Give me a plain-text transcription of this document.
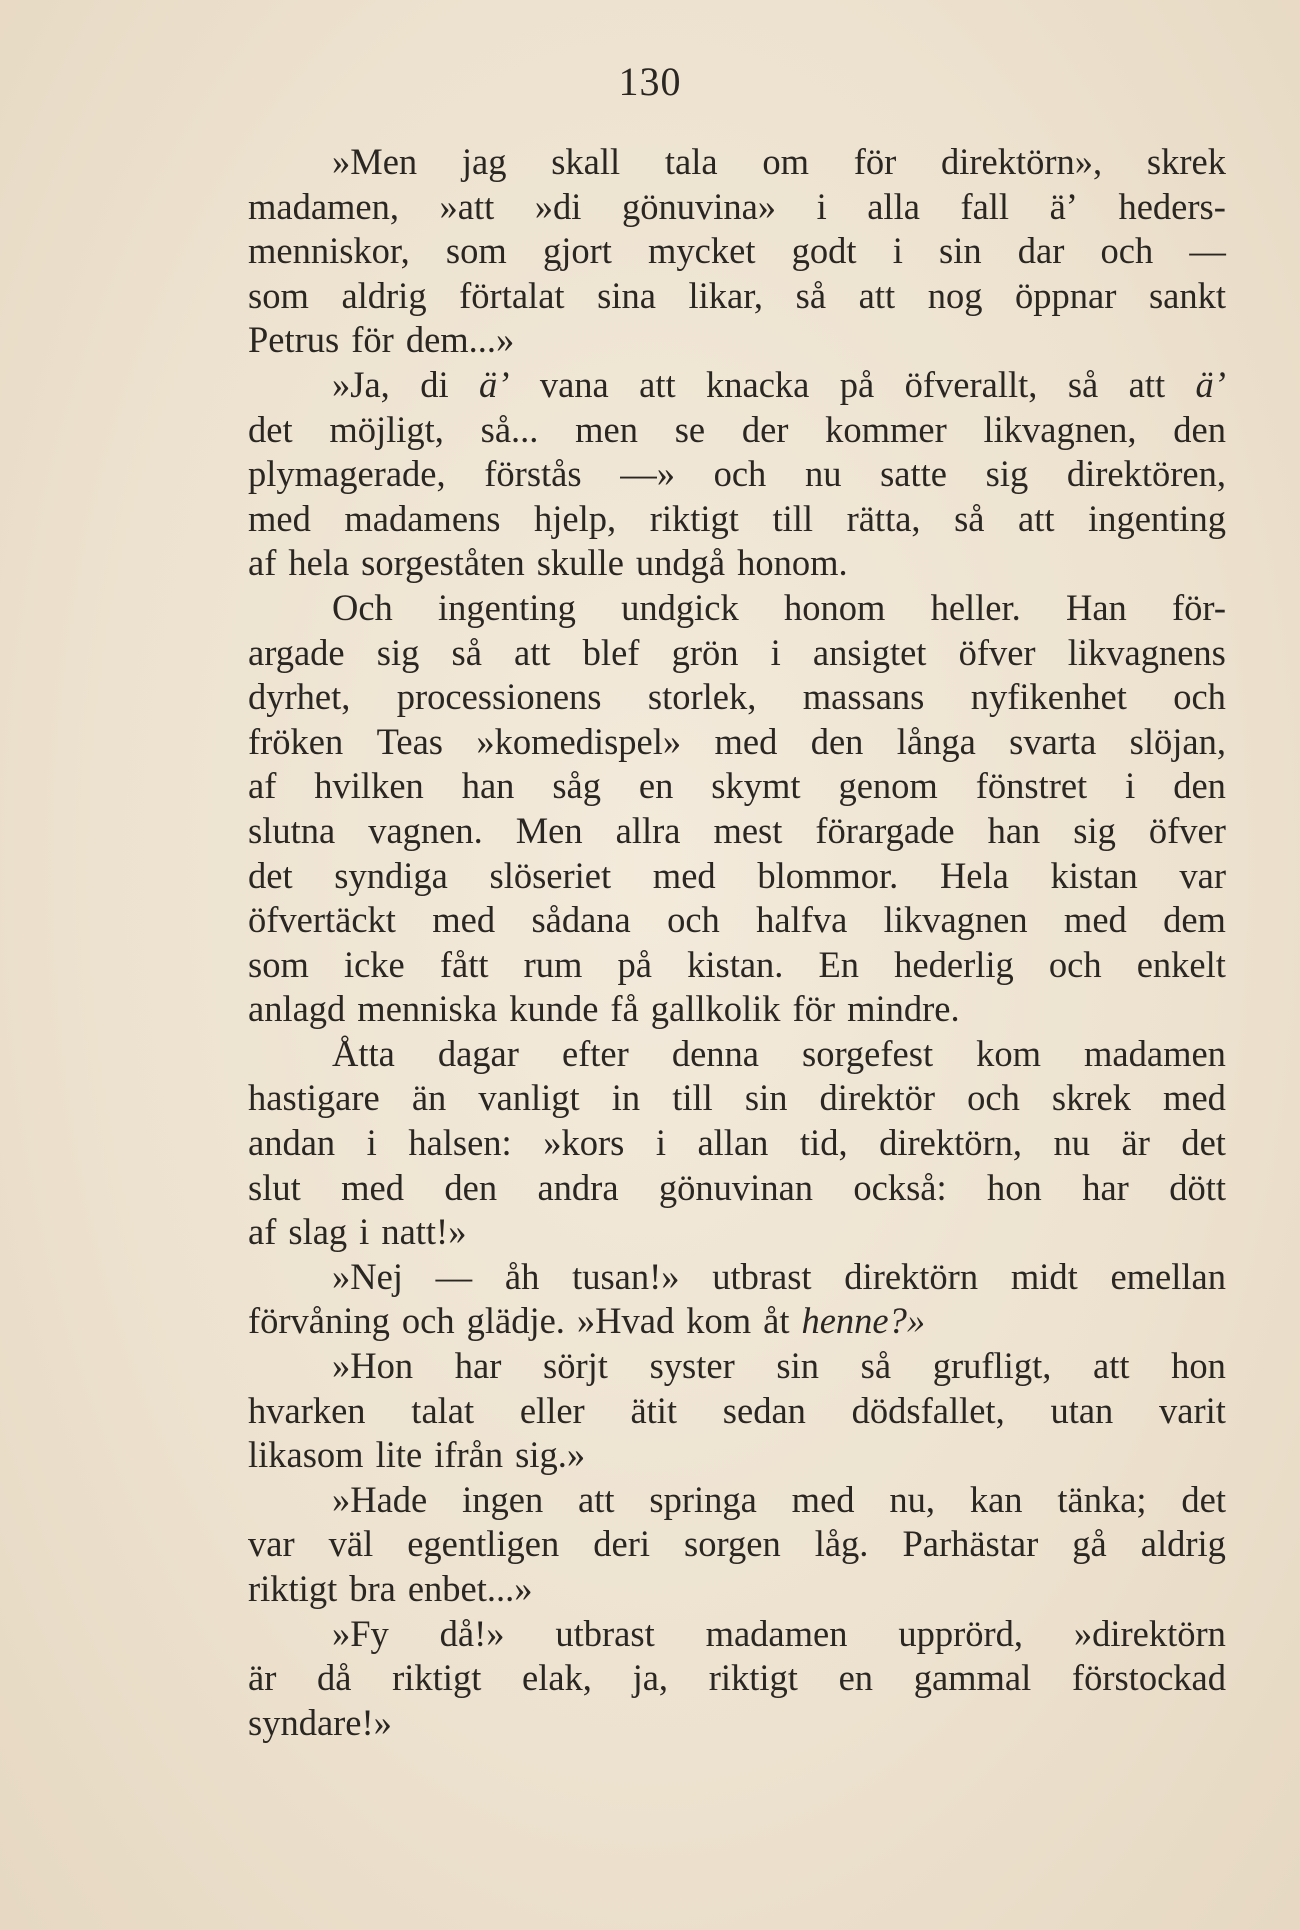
130
»Men jag skall tala om för direktörn», skrek
madamen, »att »di gönuvina» i alla fall ä’ heders-
menniskor, som gjort mycket godt i sin dar och —
som aldrig förtalat sina likar, så att nog öppnar sankt
Petrus för dem...»
»Ja, di ä’ vana att knacka på öfverallt, så att ä’
det möjligt, så... men se der kommer likvagnen, den
plymagerade, förstås —» och nu satte sig direktören,
med madamens hjelp, riktigt till rätta, så att ingenting
af hela sorgeståten skulle undgå honom.
Och ingenting undgick honom heller. Han för-
argade sig så att blef grön i ansigtet öfver likvagnens
dyrhet, processionens storlek, massans nyfikenhet och
fröken Teas »komedispel» med den långa svarta slöjan,
af hvilken han såg en skymt genom fönstret i den
slutna vagnen. Men allra mest förargade han sig öfver
det syndiga slöseriet med blommor. Hela kistan var
öfvertäckt med sådana och halfva likvagnen med dem
som icke fått rum på kistan. En hederlig och enkelt
anlagd menniska kunde få gallkolik för mindre.
Åtta dagar efter denna sorgefest kom madamen
hastigare än vanligt in till sin direktör och skrek med
andan i halsen: »kors i allan tid, direktörn, nu är det
slut med den andra gönuvinan också: hon har dött
af slag i natt!»
»Nej — åh tusan!» utbrast direktörn midt emellan
förvåning och glädje. »Hvad kom åt henne?»
»Hon har sörjt syster sin så grufligt, att hon
hvarken talat eller ätit sedan dödsfallet, utan varit
likasom lite ifrån sig.»
»Hade ingen att springa med nu, kan tänka; det
var väl egentligen deri sorgen låg. Parhästar gå aldrig
riktigt bra enbet...»
»Fy då!» utbrast madamen upprörd, »direktörn
är då riktigt elak, ja, riktigt en gammal förstockad
syndare!»
